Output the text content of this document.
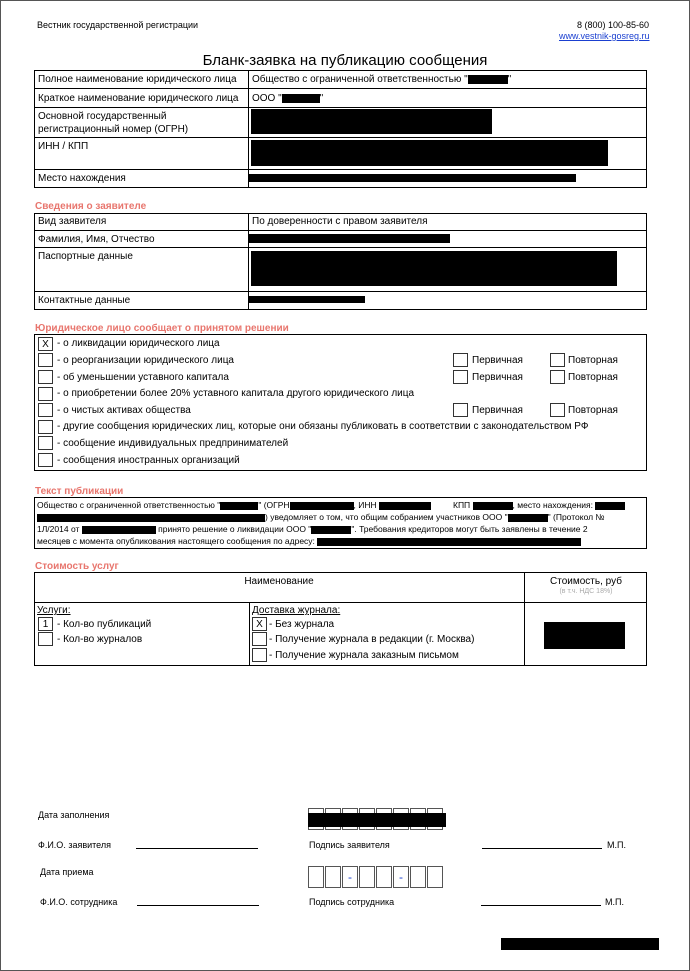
Вестник государственной регистрации	8 (800) 100-85-60
www.vestnik-gosreg.ru
Бланк-заявка на публикацию сообщения
Полное наименование юридического лица Общество с ограниченной ответственностью "	"
Краткое наименование юридического лица ООО "	"
Основной государственный регистрационный номер (ОГРН)
ИНН / КПП
Место нахождения
Сведения о заявителе
Вид заявителя	По доверенности с правом заявителя
Фамилия, Имя, Отчество
Паспортные данные
Контактные данные
Юридическое лицо сообщает о принятом решении
X - о ликвидации юридического лица
- о реорганизации юридического лица	Первичная	Повторная
- об уменьшении уставного капитала	Первичная	Повторная
- о приобретении более 20% уставного капитала другого юридического лица
- о чистых активах общества	Первичная	Повторная
- другие сообщения юридических лиц, которые они обязаны публиковать в соответствии с законодательством РФ
- сообщение индивидуальных предпринимателей
- сообщения иностранных организаций
Текст публикации
Общество с ограниченной ответственностью "	" (ОГРН	, ИНН	КПП	, место нахождения:
) уведомляет о том, что общим собранием участников ООО "	" (Протокол №
1Л/2014 от	принято решение о ликвидации ООО "	". Требования кредиторов могут быть заявлены в течение 2
месяцев с момента опубликования настоящего сообщения по адресу:
Стоимость услуг
Наименование	Стоимость, руб
(в т.ч. НДС 18%)
Услуги:
1 - Кол-во публикаций
- Кол-во журналов
Доставка журнала:
X - Без журнала
- Получение журнала в редакции (г. Москва)
- Получение журнала заказным письмом
Дата заполнения
Ф.И.О. заявителя	Подпись заявителя	М.П.
Дата приема	-	-
Ф.И.О. сотрудника	Подпись сотрудника	М.П.
